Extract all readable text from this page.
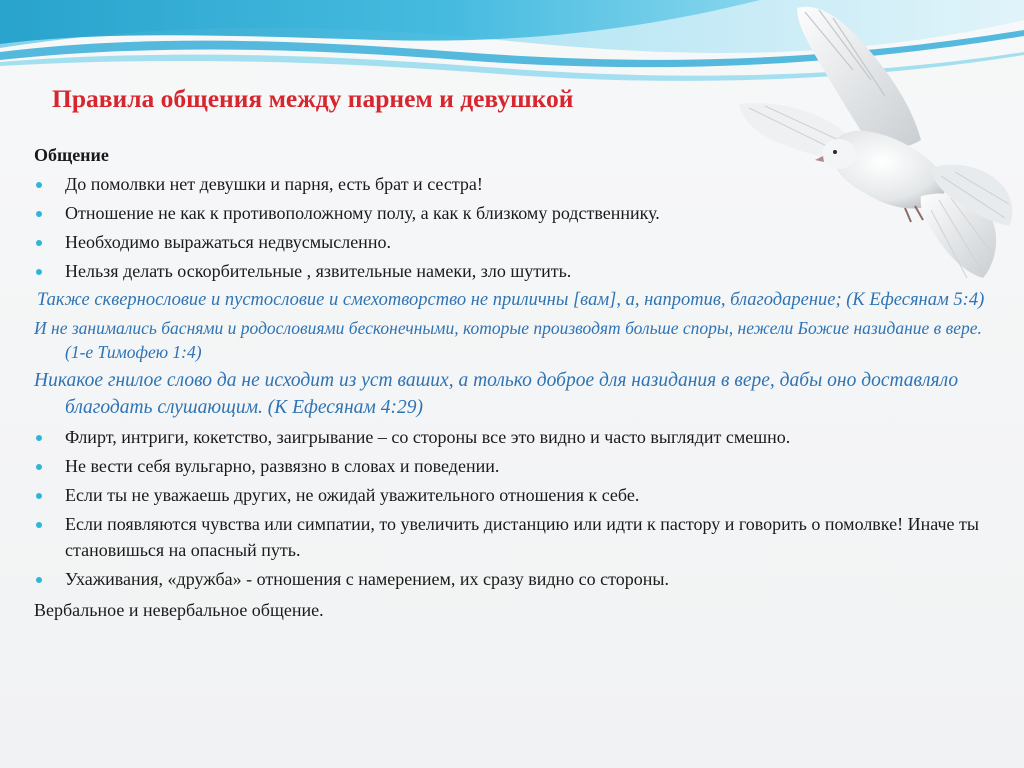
Правила общения между парнем и девушкой
Общение
До помолвки нет девушки и парня, есть брат и сестра!
Отношение не как к противоположному полу, а как к близкому родственнику.
Необходимо выражаться недвусмысленно.
Нельзя делать оскорбительные , язвительные намеки, зло шутить.
Также сквернословие и пустословие и смехотворство не приличны [вам], а, напротив, благодарение; (К Ефесянам 5:4)
И не занимались баснями и родословиями бесконечными, которые производят больше споры, нежели Божие назидание в вере. (1-е Тимофею 1:4)
Никакое гнилое слово да не исходит из уст ваших, а только доброе для назидания в вере, дабы оно доставляло благодать слушающим. (К Ефесянам 4:29)
Флирт, интриги, кокетство, заигрывание – со стороны все это видно и часто выглядит смешно.
Не вести себя вульгарно, развязно в словах и поведении.
Если ты не уважаешь других, не ожидай уважительного отношения к себе.
Если появляются чувства или симпатии, то увеличить дистанцию или идти к пастору и говорить о помолвке! Иначе ты становишься на опасный путь.
Ухаживания, «дружба» - отношения с намерением, их сразу видно со стороны.
Вербальное и невербальное общение.
